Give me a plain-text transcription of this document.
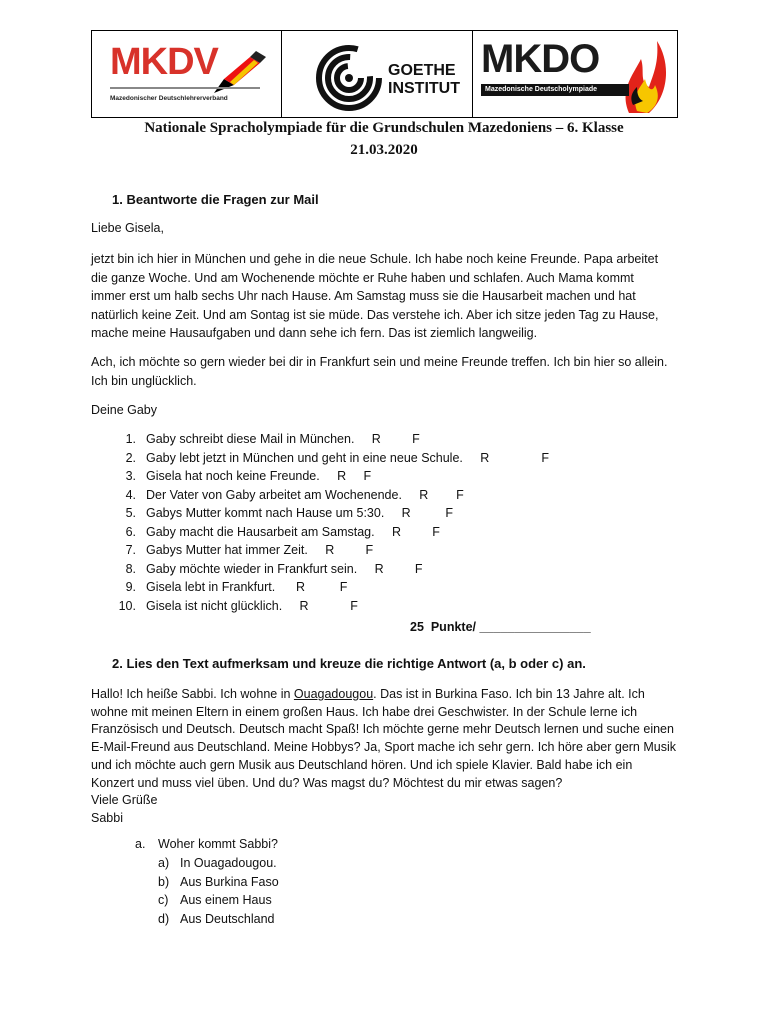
MKDV
Mazedonischer Deutschlehrerverband
GOETHE
INSTITUT
MKDO
Mazedonische Deutscholympiade
Nationale Spracholympiade für die Grundschulen Mazedoniens – 6. Klasse
21.03.2020
1. Beantworte die Fragen zur Mail
Liebe Gisela,
jetzt bin ich hier in München und gehe in die neue Schule. Ich habe noch keine Freunde. Papa arbeitet
die ganze Woche. Und am Wochenende möchte er Ruhe haben und schlafen. Auch Mama kommt
immer erst um halb sechs Uhr nach Hause. Am Samstag muss sie die Hausarbeit machen und hat
natürlich keine Zeit. Und am Sontag ist sie müde. Das verstehe ich. Aber ich sitze jeden Tag zu Hause,
mache meine Hausaufgaben und dann sehe ich fern. Das ist ziemlich langweilig.
Ach, ich möchte so gern wieder bei dir in Frankfurt sein und meine Freunde treffen. Ich bin hier so allein.
Ich bin unglücklich.
Deine Gaby
1. Gaby schreibt diese Mail in München.     R         F
2. Gaby lebt jetzt in München und geht in eine neue Schule.     R               F
3. Gisela hat noch keine Freunde.     R     F
4. Der Vater von Gaby arbeitet am Wochenende.     R        F
5. Gabys Mutter kommt nach Hause um 5:30.     R          F
6. Gaby macht die Hausarbeit am Samstag.     R         F
7. Gabys Mutter hat immer Zeit.     R         F
8. Gaby möchte wieder in Frankfurt sein.     R         F
9. Gisela lebt in Frankfurt.      R          F
10. Gisela ist nicht glücklich.     R            F
25  Punkte/ ________________
2. Lies den Text aufmerksam und kreuze die richtige Antwort (a, b oder c) an.
Hallo! Ich heiße Sabbi. Ich wohne in Ouagadougou. Das ist in Burkina Faso. Ich bin 13 Jahre alt. Ich
wohne mit meinen Eltern in einem großen Haus. Ich habe drei Geschwister. In der Schule lerne ich
Französisch und Deutsch. Deutsch macht Spaß! Ich möchte gerne mehr Deutsch lernen und suche einen
E-Mail-Freund aus Deutschland. Meine Hobbys? Ja, Sport mache ich sehr gern. Ich höre aber gern Musik
und ich möchte auch gern Musik aus Deutschland hören. Und ich spiele Klavier. Bald habe ich ein
Konzert und muss viel üben. Und du? Was magst du? Möchtest du mir etwas sagen?
Viele Grüße
Sabbi
a. Woher kommt Sabbi?
a) In Ouagadougou.
b) Aus Burkina Faso
c) Aus einem Haus
d) Aus Deutschland
